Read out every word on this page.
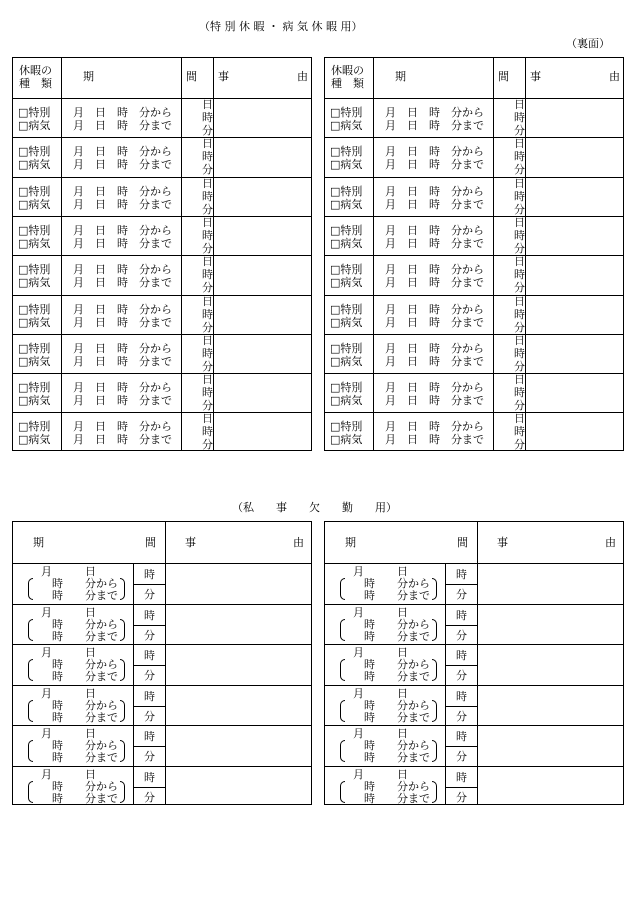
（特 別 休 暇 ・ 病 気 休 暇 用）
（裏面）
（私　　事　　欠　　勤　　用）
休暇の
種　類
期	間 事	由
□特別
□病気
月　日　時　分から
月　日　時　分まで
日
時
分
□特別
□病気
月　日　時　分から
月　日　時　分まで
日
時
分
□特別
□病気
月　日　時　分から
月　日　時　分まで
日
時
分
□特別
□病気
月　日　時　分から
月　日　時　分まで
日
時
分
□特別
□病気
月　日　時　分から
月　日　時　分まで
日
時
分
□特別
□病気
月　日　時　分から
月　日　時　分まで
日
時
分
□特別
□病気
月　日　時　分から
月　日　時　分まで
日
時
分
□特別
□病気
月　日　時　分から
月　日　時　分まで
日
時
分
□特別
□病気
月　日　時　分から
月　日　時　分まで
日
時
分
休暇の
種　類
期	間 事	由
□特別
□病気
月　日　時　分から
月　日　時　分まで
日
時
分
□特別
□病気
月　日　時　分から
月　日　時　分まで
日
時
分
□特別
□病気
月　日　時　分から
月　日　時　分まで
日
時
分
□特別
□病気
月　日　時　分から
月　日　時　分まで
日
時
分
□特別
□病気
月　日　時　分から
月　日　時　分まで
日
時
分
□特別
□病気
月　日　時　分から
月　日　時　分まで
日
時
分
□特別
□病気
月　日　時　分から
月　日　時　分まで
日
時
分
□特別
□病気
月　日　時　分から
月　日　時　分まで
日
時
分
□特別
□病気
月　日　時　分から
月　日　時　分まで
日
時
分
期	間	事	由
月　　　日
時　　分から
時　　分まで
時
分
月　　　日
時　　分から
時　　分まで
時
分
月　　　日
時　　分から
時　　分まで
時
分
月　　　日
時　　分から
時　　分まで
時
分
月　　　日
時　　分から
時　　分まで
時
分
月　　　日
時　　分から
時　　分まで
時
分
期	間	事	由
月　　　日
時　　分から
時　　分まで
時
分
月　　　日
時　　分から
時　　分まで
時
分
月　　　日
時　　分から
時　　分まで
時
分
月　　　日
時　　分から
時　　分まで
時
分
月　　　日
時　　分から
時　　分まで
時
分
月　　　日
時　　分から
時　　分まで
時
分
